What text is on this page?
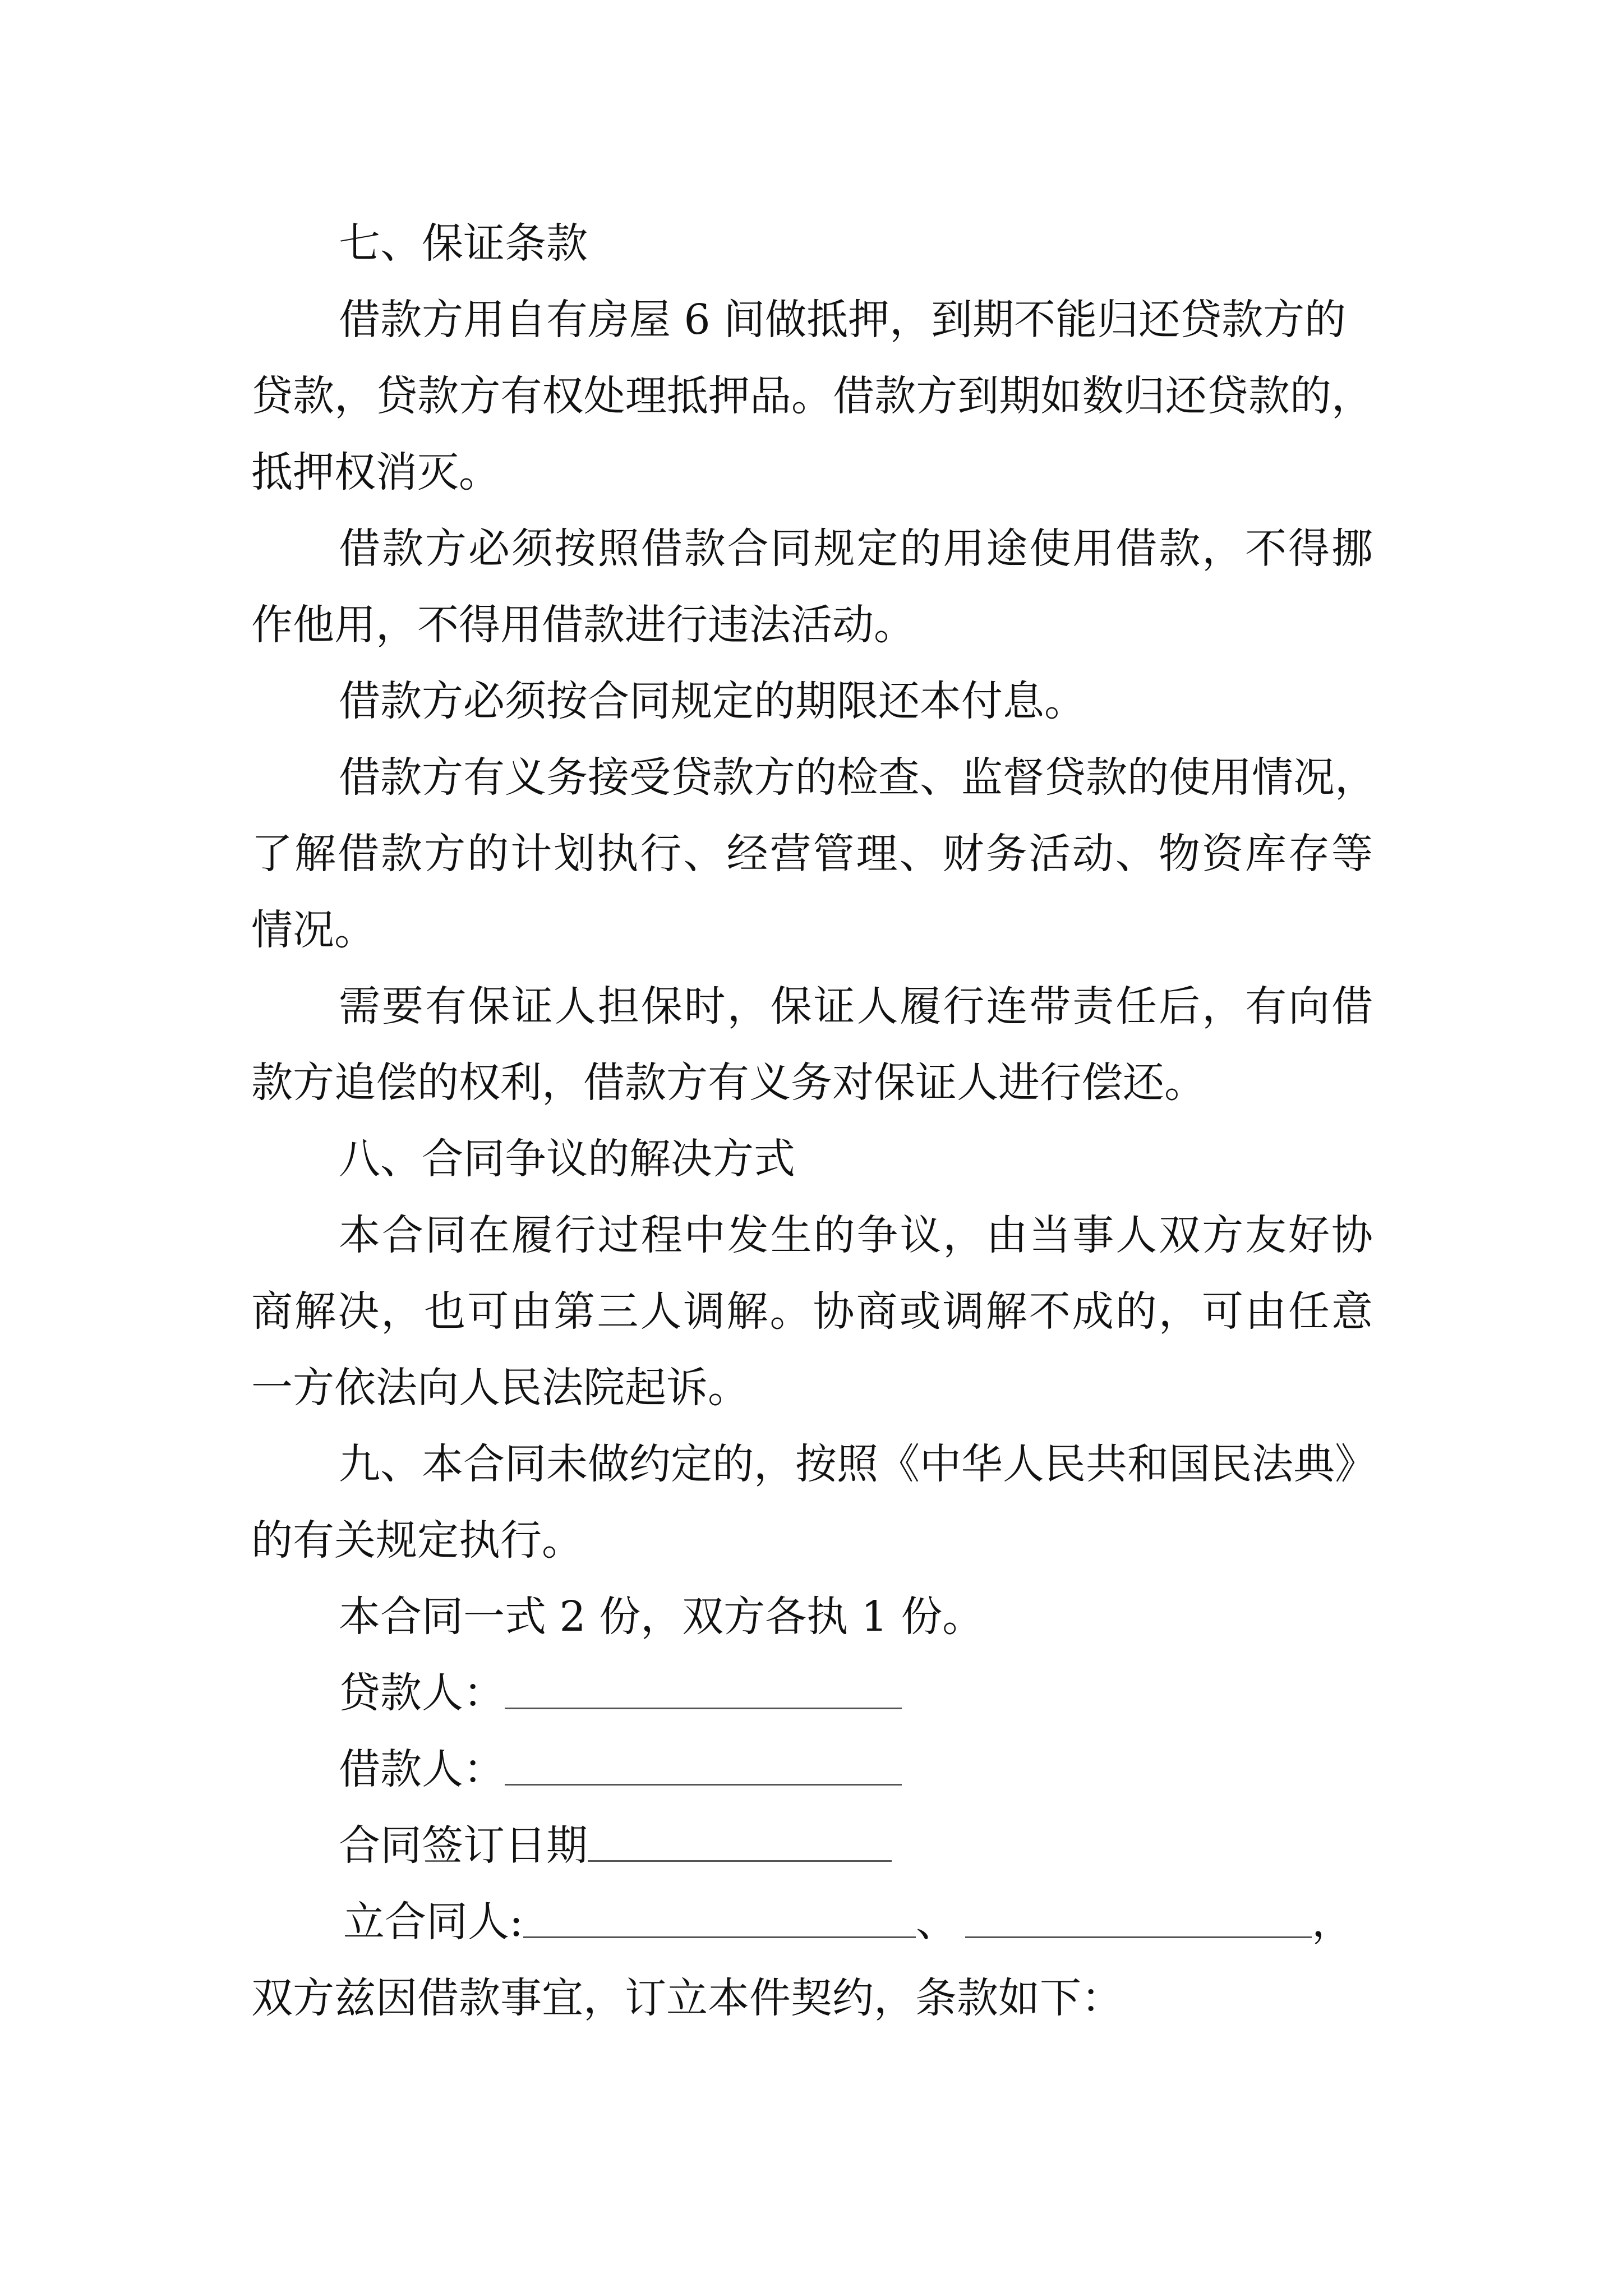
七、保证条款
借款方用自有房屋 6 间做抵押，到期不能归还贷款方的
贷款，贷款方有权处理抵押品。借款方到期如数归还贷款的，
抵押权消灭。
借款方必须按照借款合同规定的用途使用借款，不得挪
作他用，不得用借款进行违法活动。
借款方必须按合同规定的期限还本付息。
借款方有义务接受贷款方的检查、监督贷款的使用情况，
了解借款方的计划执行、经营管理、财务活动、物资库存等
情况。
需要有保证人担保时，保证人履行连带责任后，有向借
款方追偿的权利，借款方有义务对保证人进行偿还。
八、合同争议的解决方式
本合同在履行过程中发生的争议，由当事人双方友好协
商解决，也可由第三人调解。协商或调解不成的，可由任意
一方依法向人民法院起诉。
九、本合同未做约定的，按照《中华人民共和国民法典》
的有关规定执行。
本合同一式 2 份，双方各执 1 份。
贷款人：
借款人：
合同签订日期
立合同人:	、	，
双方兹因借款事宜，订立本件契约，条款如下：
